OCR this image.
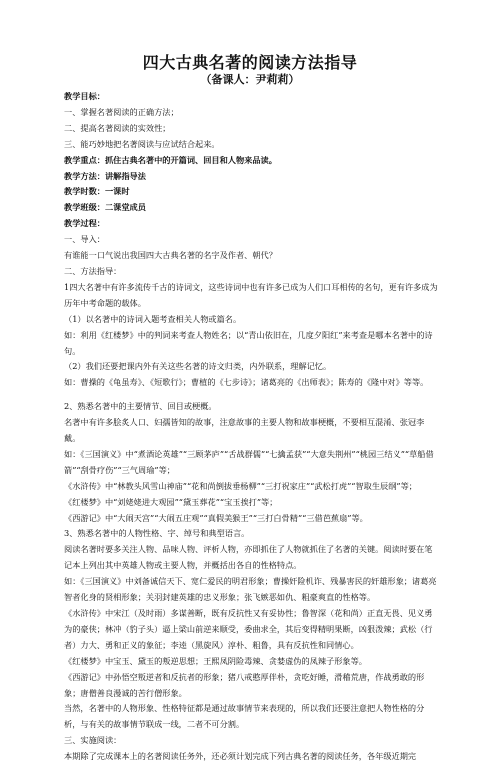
四大古典名著的阅读方法指导
（备课人：尹莉莉）

教学目标：

一、掌握名著阅读的正确方法；

二、提高名著阅读的实效性；

三、能巧妙地把名著阅读与应试结合起来。

教学重点：抓住古典名著中的开篇词、回目和人物来品读。

教学方法：讲解指导法

教学时数：一课时

教学班级：二课堂成员

教学过程：

一、导入：

有谁能一口气说出我国四大古典名著的名字及作者、朝代？

二、方法指导：

1四大名著中有许多流传千古的诗词文，这些诗词中也有许多已成为人们口耳相传的名句，更有许多成为历年中考命题的载体。

（1）以名著中的诗词入题考查相关人物或篇名。

如：利用《红楼梦》中的判词来考查人物姓名；以“青山依旧在，几度夕阳红”来考查是哪本名著中的诗句。

（2）我们还要把课内外有关这些名著的诗文归类，内外联系，理解记忆。

如：曹操的《龟虽寿》、《短歌行》；曹植的《七步诗》；诸葛亮的《出师表》；陈寿的《隆中对》等等。

2、熟悉名著中的主要情节、回目或梗概。

名著中有许多脍炙人口、妇孺皆知的故事，注意故事的主要人物和故事梗概，不要相互混淆、张冠李戴。

如：《三国演义》中“煮酒论英雄”“三顾茅庐”“舌战群儒”“七擒孟获”“大意失荆州”“桃园三结义”“草船借箭”“刮骨疗伤”“三气周瑜”等；

《水浒传》中“林教头风雪山神庙”“花和尚倒拔垂杨柳”“三打祝家庄”“武松打虎”“智取生辰纲”等；

《红楼梦》中“刘姥姥进大观园”“黛玉葬花”“宝玉挨打”等；

《西游记》中“大闹天宫”“大闹五庄观”“真假美猴王”“三打白骨精”“三借芭蕉扇”等。

3、熟悉名著中的人物性格、字、绰号和典型语言。

阅读名著时要多关注人物、品味人物、评析人物，亦即抓住了人物就抓住了名著的关键。阅读时要在笔记本上列出其中英雄人物或主要人物，并概括出各自的性格特点。

如：《三国演义》中刘备诚信天下、宽仁爱民的明君形象；曹操奸险机诈、残暴害民的奸雄形象；诸葛亮智者化身的贤相形象；关羽封建英雄的忠义形象；张飞嫉恶如仇、粗豪爽直的性格等。

《水浒传》中宋江（及时雨）多谋善断，既有反抗性又有妥协性；鲁智深（花和尚）正直无畏、见义勇为的豪侠；林冲（豹子头）逼上梁山前逆来顺受，委曲求全，其后变得精明果断，凶狠泼辣；武松（行者）力大、勇和正义的象征；李逵（黑旋风）淳朴、粗鲁，具有反抗性和同情心。

《红楼梦》中宝玉、黛玉的叛逆思想；王熙凤阴险毒辣、贪婪虚伪的凤辣子形象等。

《西游记》中孙悟空叛逆者和反抗者的形象；猪八戒憨厚伴朴，贪吃好睡，滑稽荒唐，作战勇敢的形象；唐僧善良漫诚的苦行僧形象。

当然，名著中的人物形象、性格特征都是通过故事情节来表现的，所以我们还要注意把人物性格的分析，与有关的故事情节联成一线，二者不可分割。

三、实施阅读：

本期除了完成课本上的名著阅读任务外，还必须计划完成下列古典名著的阅读任务，各年级近期完
